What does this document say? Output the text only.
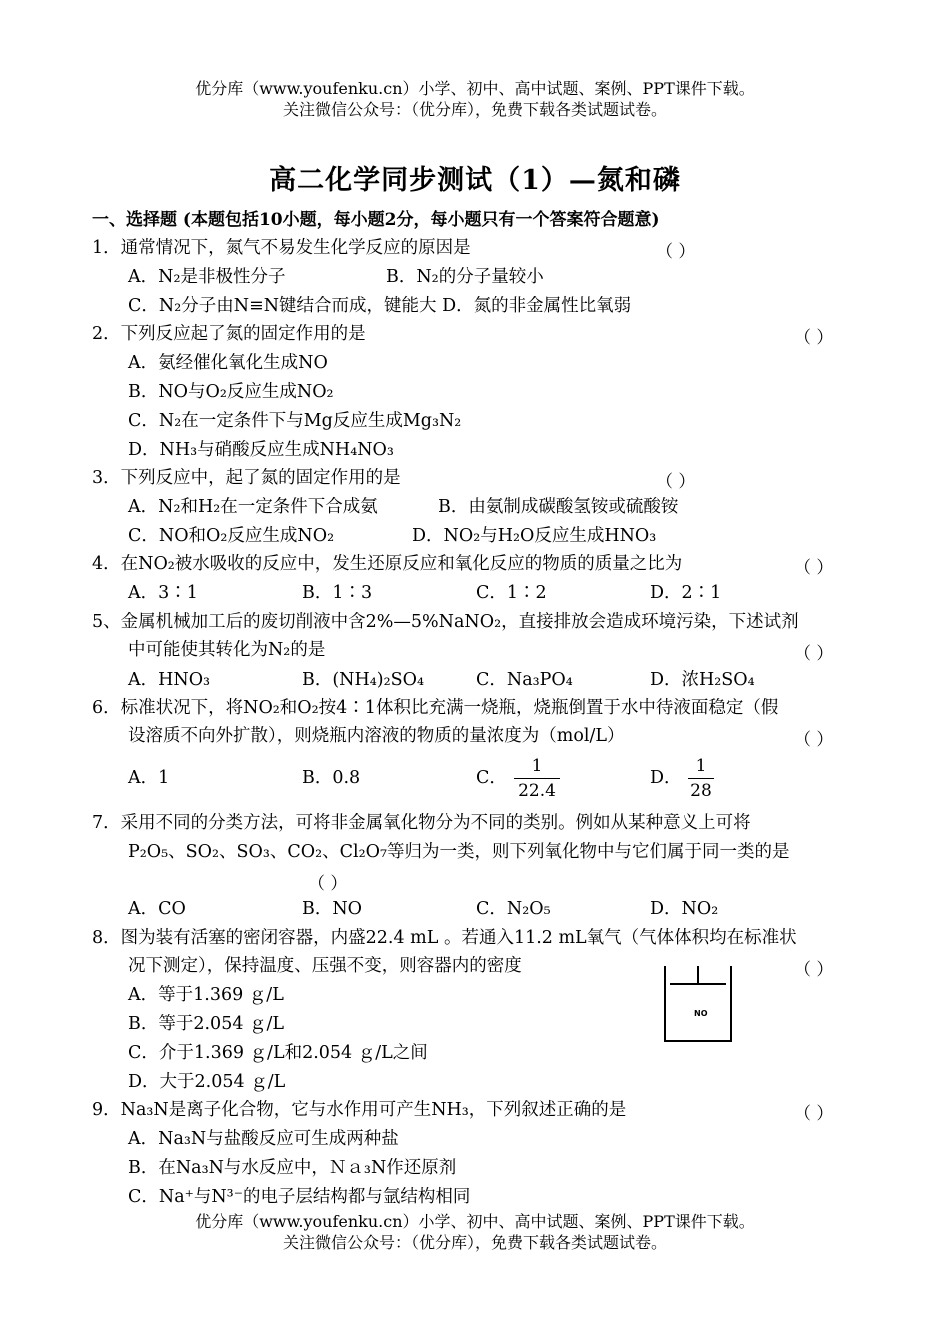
优分库（www.youfenku.cn）小学、初中、高中试题、案例、PPT课件下载。
关注微信公众号：（优分库），免费下载各类试题试卷。
高二化学同步测试（1）—氮和磷
一、选择题 (本题包括10小题，每小题2分，每小题只有一个答案符合题意)
1．通常情况下，氮气不易发生化学反应的原因是	（ ）
A．N₂是非极性分子	B．N₂的分子量较小
C．N₂分子由N≡N键结合而成，键能大 D．氮的非金属性比氧弱
2．下列反应起了氮的固定作用的是	（ ）
A．氨经催化氧化生成NO
B．NO与O₂反应生成NO₂
C．N₂在一定条件下与Mg反应生成Mg₃N₂
D．NH₃与硝酸反应生成NH₄NO₃
3．下列反应中，起了氮的固定作用的是	（ ）
A．N₂和H₂在一定条件下合成氨	B．由氨制成碳酸氢铵或硫酸铵
C．NO和O₂反应生成NO₂	D．NO₂与H₂O反应生成HNO₃
4．在NO₂被水吸收的反应中，发生还原反应和氧化反应的物质的质量之比为	（ ）
A．3∶1	B．1∶3	C．1∶2	D．2∶1
5、金属机械加工后的废切削液中含2%—5%NaNO₂，直接排放会造成环境污染，下述试剂
中可能使其转化为N₂的是	（ ）
A．HNO₃	B．(NH₄)₂SO₄	C．Na₃PO₄	D．浓H₂SO₄
6．标准状况下，将NO₂和O₂按4∶1体积比充满一烧瓶，烧瓶倒置于水中待液面稳定（假
设溶质不向外扩散），则烧瓶内溶液的物质的量浓度为（mol/L）	（ ）
A．1	B．0.8	C．
1
22.4
D．
1
28
7．采用不同的分类方法，可将非金属氧化物分为不同的类别。例如从某种意义上可将
P₂O₅、SO₂、SO₃、CO₂、Cl₂O₇等归为一类，则下列氧化物中与它们属于同一类的是
（ ）
A．CO	B．NO	C．N₂O₅	D．NO₂
8．图为装有活塞的密闭容器，内盛22.4 mL 。若通入11.2 mL氧气（气体体积均在标准状
况下测定），保持温度、压强不变，则容器内的密度	（ ）
A．等于1.369 ｇ/L
B．等于2.054 ｇ/L
C．介于1.369 ｇ/L和2.054 ｇ/L之间
D．大于2.054 ｇ/L
NO
9．Na₃N是离子化合物，它与水作用可产生NH₃，下列叙述正确的是	（ ）
A．Na₃N与盐酸反应可生成两种盐
B．在Na₃N与水反应中，Ｎａ₃N作还原剂
C．Na⁺与N³⁻的电子层结构都与氩结构相同
优分库（www.youfenku.cn）小学、初中、高中试题、案例、PPT课件下载。
关注微信公众号：（优分库），免费下载各类试题试卷。
